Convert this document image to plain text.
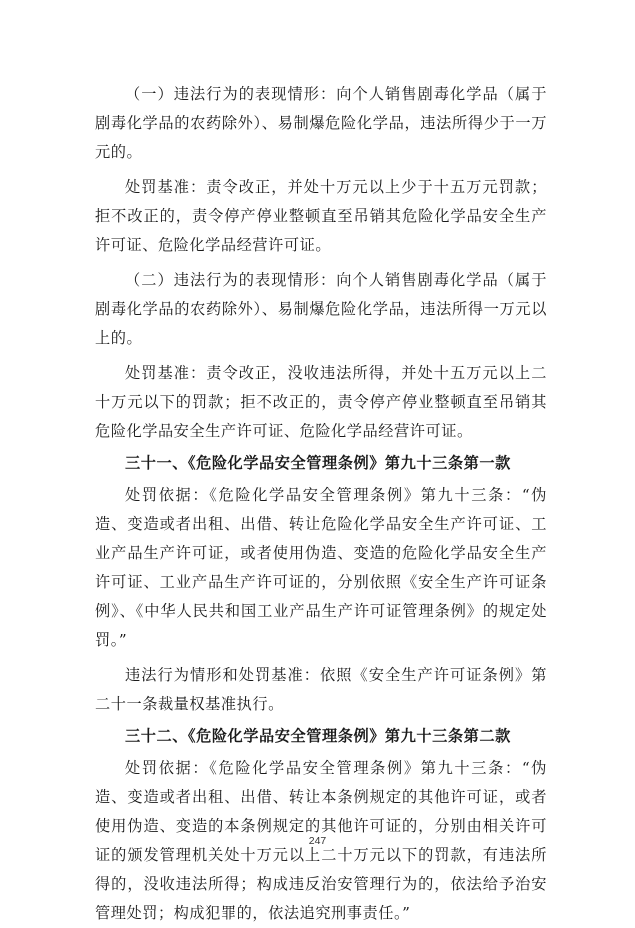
（一）违法行为的表现情形：向个人销售剧毒化学品（属于剧毒化学品的农药除外）、易制爆危险化学品，违法所得少于一万元的。

处罚基准：责令改正，并处十万元以上少于十五万元罚款；拒不改正的，责令停产停业整顿直至吊销其危险化学品安全生产许可证、危险化学品经营许可证。

（二）违法行为的表现情形：向个人销售剧毒化学品（属于剧毒化学品的农药除外）、易制爆危险化学品，违法所得一万元以上的。

处罚基准：责令改正，没收违法所得，并处十五万元以上二十万元以下的罚款；拒不改正的，责令停产停业整顿直至吊销其危险化学品安全生产许可证、危险化学品经营许可证。

三十一、《危险化学品安全管理条例》第九十三条第一款

处罚依据：《危险化学品安全管理条例》第九十三条：“伪造、变造或者出租、出借、转让危险化学品安全生产许可证、工业产品生产许可证，或者使用伪造、变造的危险化学品安全生产许可证、工业产品生产许可证的，分别依照《安全生产许可证条例》、《中华人民共和国工业产品生产许可证管理条例》的规定处罚。”

违法行为情形和处罚基准：依照《安全生产许可证条例》第二十一条裁量权基准执行。

三十二、《危险化学品安全管理条例》第九十三条第二款

处罚依据：《危险化学品安全管理条例》第九十三条：“伪造、变造或者出租、出借、转让本条例规定的其他许可证，或者使用伪造、变造的本条例规定的其他许可证的，分别由相关许可证的颁发管理机关处十万元以上二十万元以下的罚款，有违法所得的，没收违法所得；构成违反治安管理行为的，依法给予治安管理处罚；构成犯罪的，依法追究刑事责任。”

247
